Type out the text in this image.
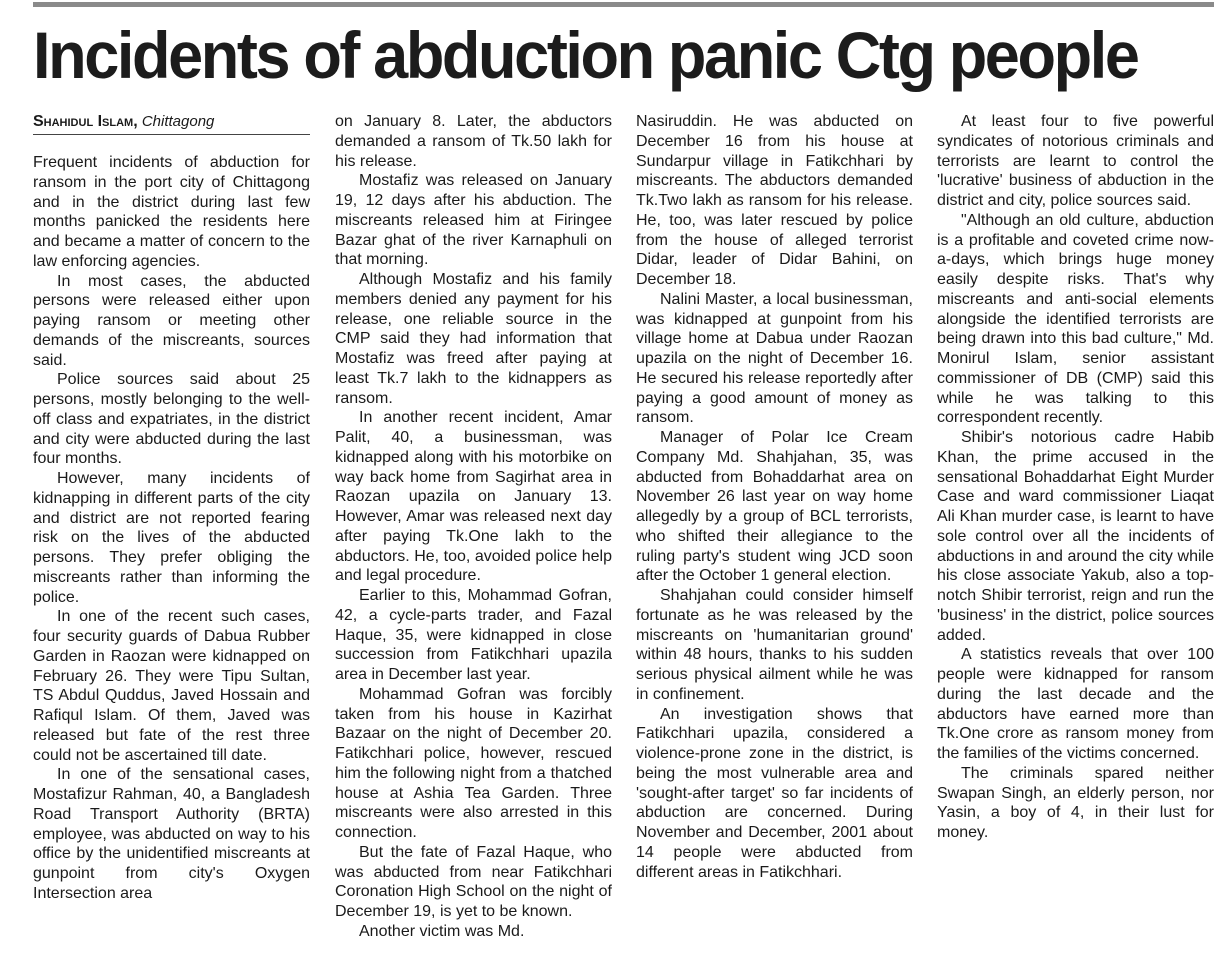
Incidents of abduction panic Ctg people
Shahidul Islam, Chittagong

Frequent incidents of abduction for ransom in the port city of Chittagong and in the district during last few months panicked the residents here and became a matter of concern to the law enforcing agencies.

In most cases, the abducted persons were released either upon paying ransom or meeting other demands of the miscreants, sources said.

Police sources said about 25 persons, mostly belonging to the well-off class and expatriates, in the district and city were abducted during the last four months.

However, many incidents of kidnapping in different parts of the city and district are not reported fearing risk on the lives of the abducted persons. They prefer obliging the miscreants rather than informing the police.

In one of the recent such cases, four security guards of Dabua Rubber Garden in Raozan were kidnapped on February 26. They were Tipu Sultan, TS Abdul Quddus, Javed Hossain and Rafiqul Islam. Of them, Javed was released but fate of the rest three could not be ascertained till date.

In one of the sensational cases, Mostafizur Rahman, 40, a Bangladesh Road Transport Authority (BRTA) employee, was abducted on way to his office by the unidentified miscreants at gunpoint from city's Oxygen Intersection area

on January 8. Later, the abductors demanded a ransom of Tk.50 lakh for his release.

Mostafiz was released on January 19, 12 days after his abduction. The miscreants released him at Firingee Bazar ghat of the river Karnaphuli on that morning.

Although Mostafiz and his family members denied any payment for his release, one reliable source in the CMP said they had information that Mostafiz was freed after paying at least Tk.7 lakh to the kidnappers as ransom.

In another recent incident, Amar Palit, 40, a businessman, was kidnapped along with his motorbike on way back home from Sagirhat area in Raozan upazila on January 13. However, Amar was released next day after paying Tk.One lakh to the abductors. He, too, avoided police help and legal procedure.

Earlier to this, Mohammad Gofran, 42, a cycle-parts trader, and Fazal Haque, 35, were kidnapped in close succession from Fatikchhari upazila area in December last year.

Mohammad Gofran was forcibly taken from his house in Kazirhat Bazaar on the night of December 20. Fatikchhari police, however, rescued him the following night from a thatched house at Ashia Tea Garden. Three miscreants were also arrested in this connection.

But the fate of Fazal Haque, who was abducted from near Fatikchhari Coronation High School on the night of December 19, is yet to be known.

Another victim was Md.

Nasiruddin. He was abducted on December 16 from his house at Sundarpur village in Fatikchhari by miscreants. The abductors demanded Tk.Two lakh as ransom for his release. He, too, was later rescued by police from the house of alleged terrorist Didar, leader of Didar Bahini, on December 18.

Nalini Master, a local businessman, was kidnapped at gunpoint from his village home at Dabua under Raozan upazila on the night of December 16. He secured his release reportedly after paying a good amount of money as ransom.

Manager of Polar Ice Cream Company Md. Shahjahan, 35, was abducted from Bohaddarhat area on November 26 last year on way home allegedly by a group of BCL terrorists, who shifted their allegiance to the ruling party's student wing JCD soon after the October 1 general election.

Shahjahan could consider himself fortunate as he was released by the miscreants on 'humanitarian ground' within 48 hours, thanks to his sudden serious physical ailment while he was in confinement.

An investigation shows that Fatikchhari upazila, considered a violence-prone zone in the district, is being the most vulnerable area and 'sought-after target' so far incidents of abduction are concerned. During November and December, 2001 about 14 people were abducted from different areas in Fatikchhari.

At least four to five powerful syndicates of notorious criminals and terrorists are learnt to control the 'lucrative' business of abduction in the district and city, police sources said.

"Although an old culture, abduction is a profitable and coveted crime now-a-days, which brings huge money easily despite risks. That's why miscreants and anti-social elements alongside the identified terrorists are being drawn into this bad culture," Md. Monirul Islam, senior assistant commissioner of DB (CMP) said this while he was talking to this correspondent recently.

Shibir's notorious cadre Habib Khan, the prime accused in the sensational Bohaddarhat Eight Murder Case and ward commissioner Liaqat Ali Khan murder case, is learnt to have sole control over all the incidents of abductions in and around the city while his close associate Yakub, also a top-notch Shibir terrorist, reign and run the 'business' in the district, police sources added.

A statistics reveals that over 100 people were kidnapped for ransom during the last decade and the abductors have earned more than Tk.One crore as ransom money from the families of the victims concerned.

The criminals spared neither Swapan Singh, an elderly person, nor Yasin, a boy of 4, in their lust for money.
